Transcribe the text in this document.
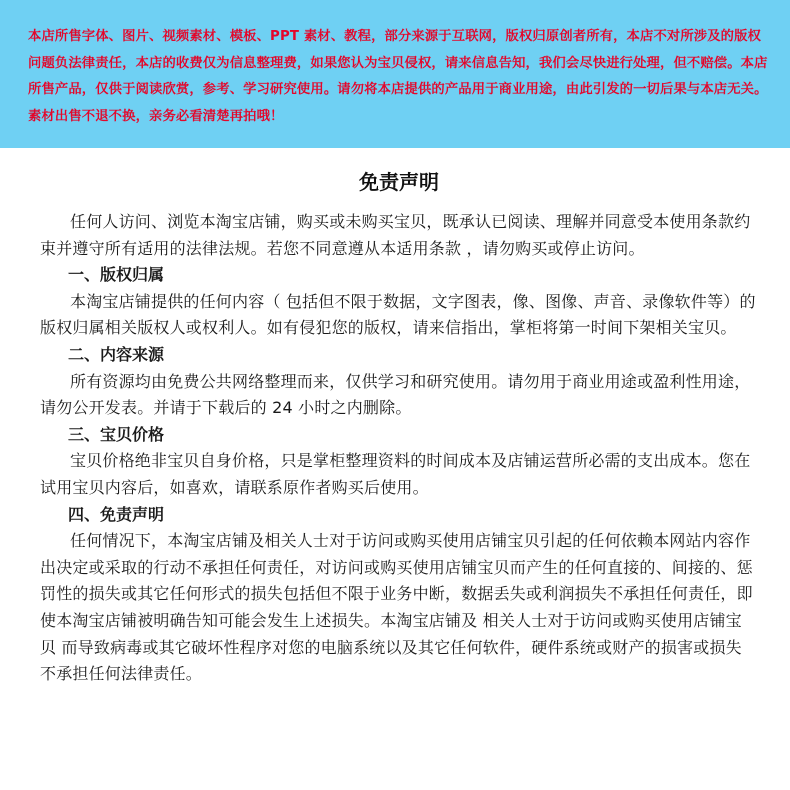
本店所售字体、图片、视频素材、模板、PPT 素材、教程，部分来源于互联网，版权归原创者所有，本店不对所涉及的版权问题负法律责任，本店的收费仅为信息整理费，如果您认为宝贝侵权，请来信息告知，我们会尽快进行处理，但不赔偿。本店所售产品，仅供于阅读欣赏，参考、学习研究使用。请勿将本店提供的产品用于商业用途，由此引发的一切后果与本店无关。素材出售不退不换，亲务必看清楚再拍哦！

免责声明

任何人访问、浏览本淘宝店铺，购买或未购买宝贝，既承认已阅读、理解并同意受本使用条款约束并遵守所有适用的法律法规。若您不同意遵从本适用条款 ，请勿购买或停止访问。

一、版权归属

本淘宝店铺提供的任何内容（ 包括但不限于数据，文字图表，像、图像、声音、录像软件等）的版权归属相关版权人或权利人。如有侵犯您的版权，请来信指出，掌柜将第一时间下架相关宝贝。

二、内容来源

所有资源均由免费公共网络整理而来，仅供学习和研究使用。请勿用于商业用途或盈利性用途，请勿公开发表。并请于下载后的 24 小时之内删除。

三、宝贝价格

宝贝价格绝非宝贝自身价格，只是掌柜整理资料的时间成本及店铺运营所必需的支出成本。您在试用宝贝内容后，如喜欢，请联系原作者购买后使用。

四、免责声明

任何情况下，本淘宝店铺及相关人士对于访问或购买使用店铺宝贝引起的任何依赖本网站内容作出决定或采取的行动不承担任何责任，对访问或购买使用店铺宝贝而产生的任何直接的、间接的、惩罚性的损失或其它任何形式的损失包括但不限于业务中断，数据丢失或利润损失不承担任何责任，即使本淘宝店铺被明确告知可能会发生上述损失。本淘宝店铺及 相关人士对于访问或购买使用店铺宝贝 而导致病毒或其它破坏性程序对您的电脑系统以及其它任何软件，硬件系统或财产的损害或损失不承担任何法律责任。
